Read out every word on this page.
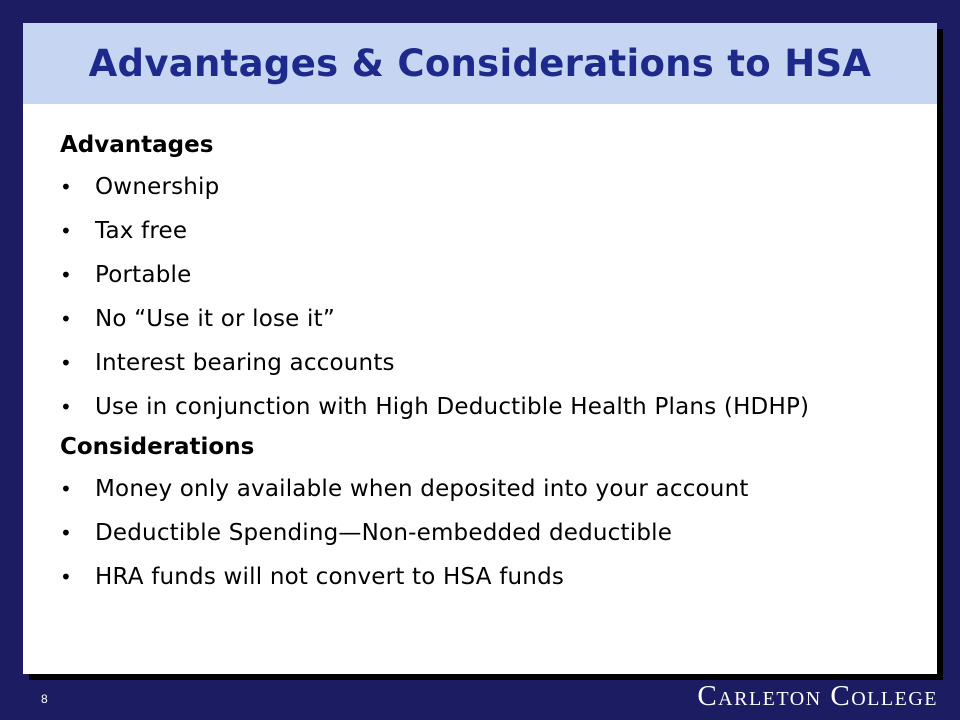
Advantages & Considerations to HSA
Advantages
•	Ownership
•	Tax free
•	Portable
•	No “Use it or lose it”
•	Interest bearing accounts
•	Use in conjunction with High Deductible Health Plans (HDHP)
Considerations
•	Money only available when deposited into your account
•	Deductible Spending—Non-embedded deductible
•	HRA funds will not convert to HSA funds
8	Carleton College
